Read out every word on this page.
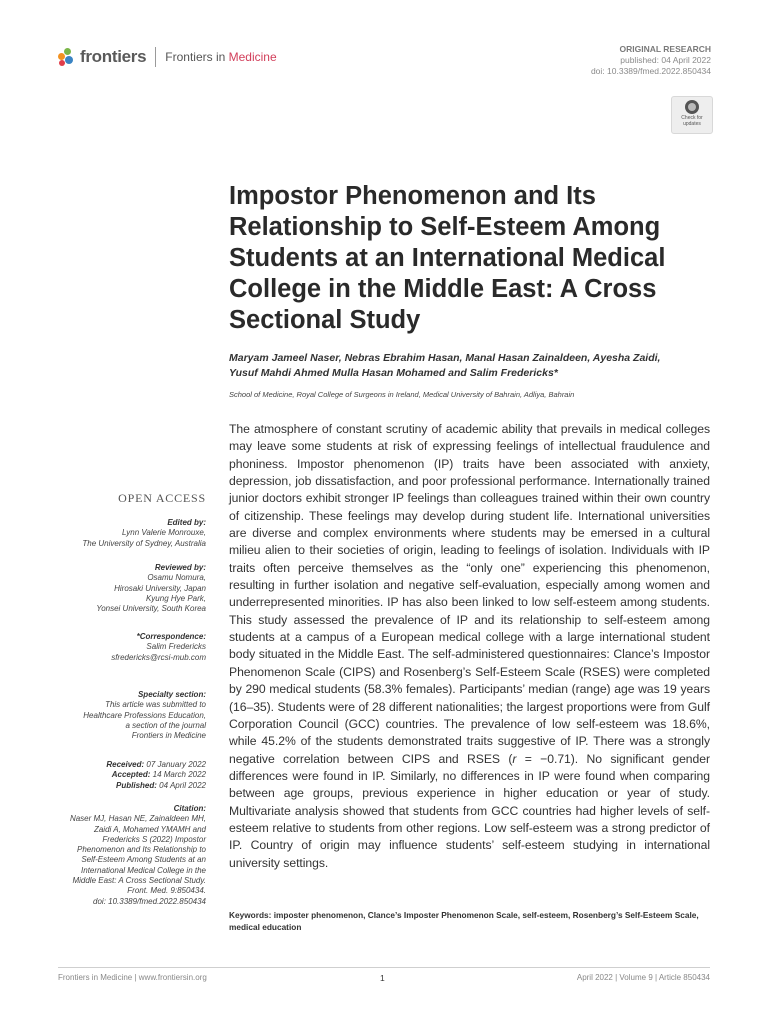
frontiers Frontiers in Medicine
ORIGINAL RESEARCH
published: 04 April 2022
doi: 10.3389/fmed.2022.850434
Check for
updates
Impostor Phenomenon and Its Relationship to Self-Esteem Among Students at an International Medical College in the Middle East: A Cross Sectional Study
Maryam Jameel Naser, Nebras Ebrahim Hasan, Manal Hasan Zainaldeen, Ayesha Zaidi,
Yusuf Mahdi Ahmed Mulla Hasan Mohamed and Salim Fredericks*
School of Medicine, Royal College of Surgeons in Ireland, Medical University of Bahrain, Adliya, Bahrain

The atmosphere of constant scrutiny of academic ability that prevails in medical colleges may leave some students at risk of expressing feelings of intellectual fraudulence and phoniness. Impostor phenomenon (IP) traits have been associated with anxiety, depression, job dissatisfaction, and poor professional performance. Internationally trained junior doctors exhibit stronger IP feelings than colleagues trained within their own country of citizenship. These feelings may develop during student life. International universities are diverse and complex environments where students may be emersed in a cultural milieu alien to their societies of origin, leading to feelings of isolation. Individuals with IP traits often perceive themselves as the “only one” experiencing this phenomenon, resulting in further isolation and negative self-evaluation, especially among women and underrepresented minorities. IP has also been linked to low self-esteem among students. This study assessed the prevalence of IP and its relationship to self-esteem among students at a campus of a European medical college with a large international student body situated in the Middle East. The self-administered questionnaires: Clance’s Impostor Phenomenon Scale (CIPS) and Rosenberg’s Self-Esteem Scale (RSES) were completed by 290 medical students (58.3% females). Participants’ median (range) age was 19 years (16–35). Students were of 28 different nationalities; the largest proportions were from Gulf Corporation Council (GCC) countries. The prevalence of low self-esteem was 18.6%, while 45.2% of the students demonstrated traits suggestive of IP. There was a strongly negative correlation between CIPS and RSES (r = −0.71). No significant gender differences were found in IP. Similarly, no differences in IP were found when comparing between age groups, previous experience in higher education or year of study. Multivariate analysis showed that students from GCC countries had higher levels of self-esteem relative to students from other regions. Low self-esteem was a strong predictor of IP. Country of origin may influence students’ self-esteem studying in international university settings.

Keywords: imposter phenomenon, Clance’s Imposter Phenomenon Scale, self-esteem, Rosenberg’s Self-Esteem Scale, medical education
OPEN ACCESS
Edited by:
Lynn Valerie Monrouxe,
The University of Sydney, Australia
Reviewed by:
Osamu Nomura,
Hirosaki University, Japan
Kyung Hye Park,
Yonsei University, South Korea
*Correspondence:
Salim Fredericks
sfredericks@rcsi-mub.com
Specialty section:
This article was submitted to
Healthcare Professions Education,
a section of the journal
Frontiers in Medicine
Received: 07 January 2022
Accepted: 14 March 2022
Published: 04 April 2022
Citation:
Naser MJ, Hasan NE, Zainaldeen MH,
Zaidi A, Mohamed YMAMH and
Fredericks S (2022) Impostor
Phenomenon and Its Relationship to
Self-Esteem Among Students at an
International Medical College in the
Middle East: A Cross Sectional Study.
Front. Med. 9:850434.
doi: 10.3389/fmed.2022.850434
Frontiers in Medicine | www.frontiersin.org	1	April 2022 | Volume 9 | Article 850434
